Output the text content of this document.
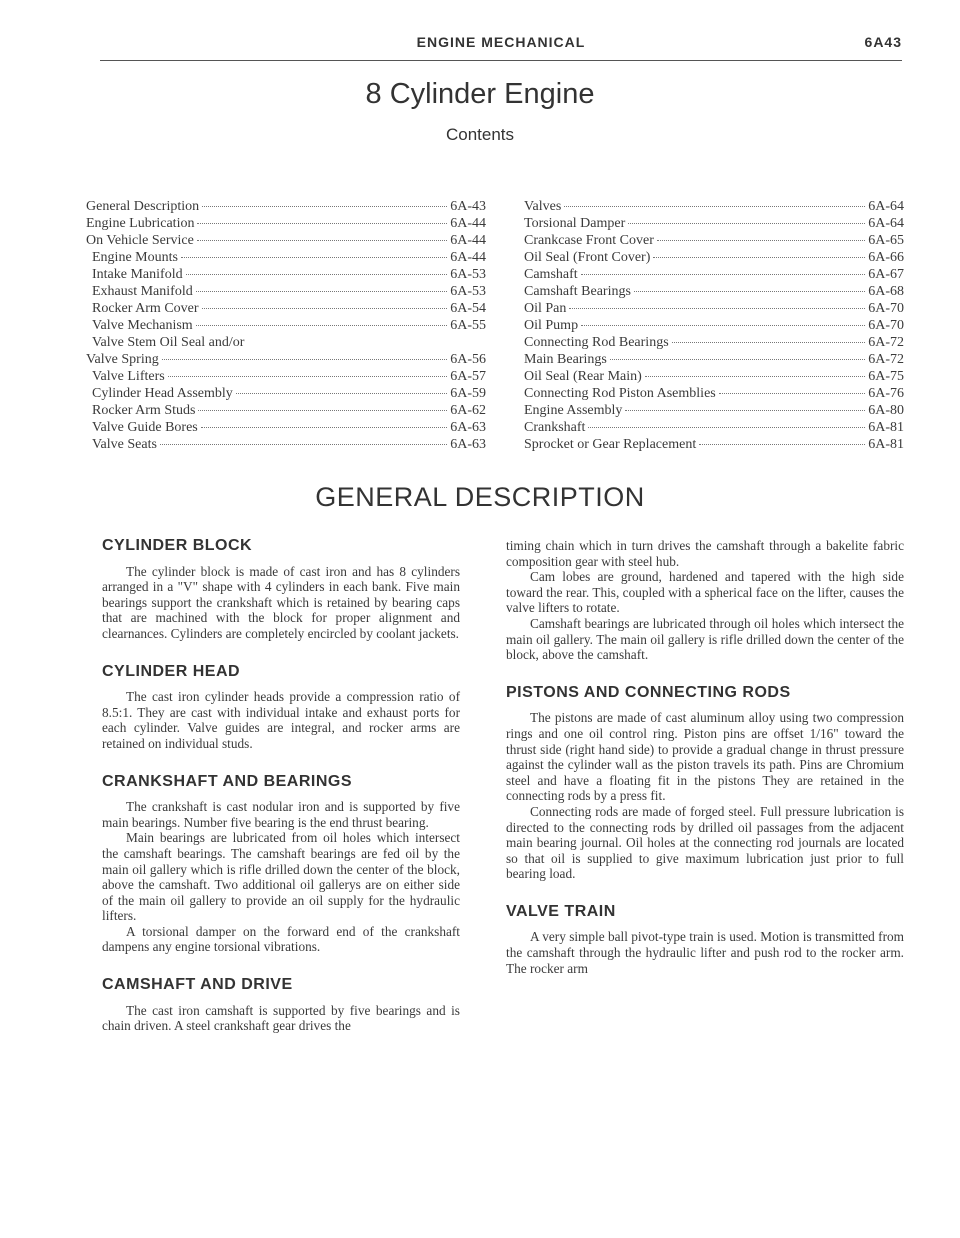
ENGINE MECHANICAL	6A43
8 Cylinder Engine
Contents
General Description	6A-43
Engine Lubrication	6A-44
On Vehicle Service	6A-44
Engine Mounts	6A-44
Intake Manifold	6A-53
Exhaust Manifold	6A-53
Rocker Arm Cover	6A-54
Valve Mechanism	6A-55
Valve Stem Oil Seal and/or
Valve Spring	6A-56
Valve Lifters	6A-57
Cylinder Head Assembly	6A-59
Rocker Arm Studs	6A-62
Valve Guide Bores	6A-63
Valve Seats	6A-63
Valves	6A-64
Torsional Damper	6A-64
Crankcase Front Cover	6A-65
Oil Seal (Front Cover)	6A-66
Camshaft	6A-67
Camshaft Bearings	6A-68
Oil Pan	6A-70
Oil Pump	6A-70
Connecting Rod Bearings	6A-72
Main Bearings	6A-72
Oil Seal (Rear Main)	6A-75
Connecting Rod Piston Asemblies	6A-76
Engine Assembly	6A-80
Crankshaft	6A-81
Sprocket or Gear Replacement	6A-81
GENERAL DESCRIPTION
CYLINDER BLOCK

The cylinder block is made of cast iron and has 8 cylinders arranged in a "V" shape with 4 cylinders in each bank. Five main bearings support the crankshaft which is retained by bearing caps that are machined with the block for proper alignment and clearnances. Cylinders are completely encircled by coolant jackets.

CYLINDER HEAD

The cast iron cylinder heads provide a compression ratio of 8.5:1. They are cast with individual intake and exhaust ports for each cylinder. Valve guides are integral, and rocker arms are retained on individual studs.

CRANKSHAFT AND BEARINGS

The crankshaft is cast nodular iron and is supported by five main bearings. Number five bearing is the end thrust bearing.

Main bearings are lubricated from oil holes which intersect the camshaft bearings. The camshaft bearings are fed oil by the main oil gallery which is rifle drilled down the center of the block, above the camshaft. Two additional oil gallerys are on either side of the main oil gallery to provide an oil supply for the hydraulic lifters.

A torsional damper on the forward end of the crankshaft dampens any engine torsional vibrations.

CAMSHAFT AND DRIVE

The cast iron camshaft is supported by five bearings and is chain driven. A steel crankshaft gear drives the

timing chain which in turn drives the camshaft through a bakelite fabric composition gear with steel hub.

Cam lobes are ground, hardened and tapered with the high side toward the rear. This, coupled with a spherical face on the lifter, causes the valve lifters to rotate.

Camshaft bearings are lubricated through oil holes which intersect the main oil gallery. The main oil gallery is rifle drilled down the center of the block, above the camshaft.

PISTONS AND CONNECTING RODS

The pistons are made of cast aluminum alloy using two compression rings and one oil control ring. Piston pins are offset 1/16" toward the thrust side (right hand side) to provide a gradual change in thrust pressure against the cylinder wall as the piston travels its path. Pins are Chromium steel and have a floating fit in the pistons They are retained in the connecting rods by a press fit.

Connecting rods are made of forged steel. Full pressure lubrication is directed to the connecting rods by drilled oil passages from the adjacent main bearing journal. Oil holes at the connecting rod journals are located so that oil is supplied to give maximum lubrication just prior to full bearing load.

VALVE TRAIN

A very simple ball pivot-type train is used. Motion is transmitted from the camshaft through the hydraulic lifter and push rod to the rocker arm. The rocker arm
